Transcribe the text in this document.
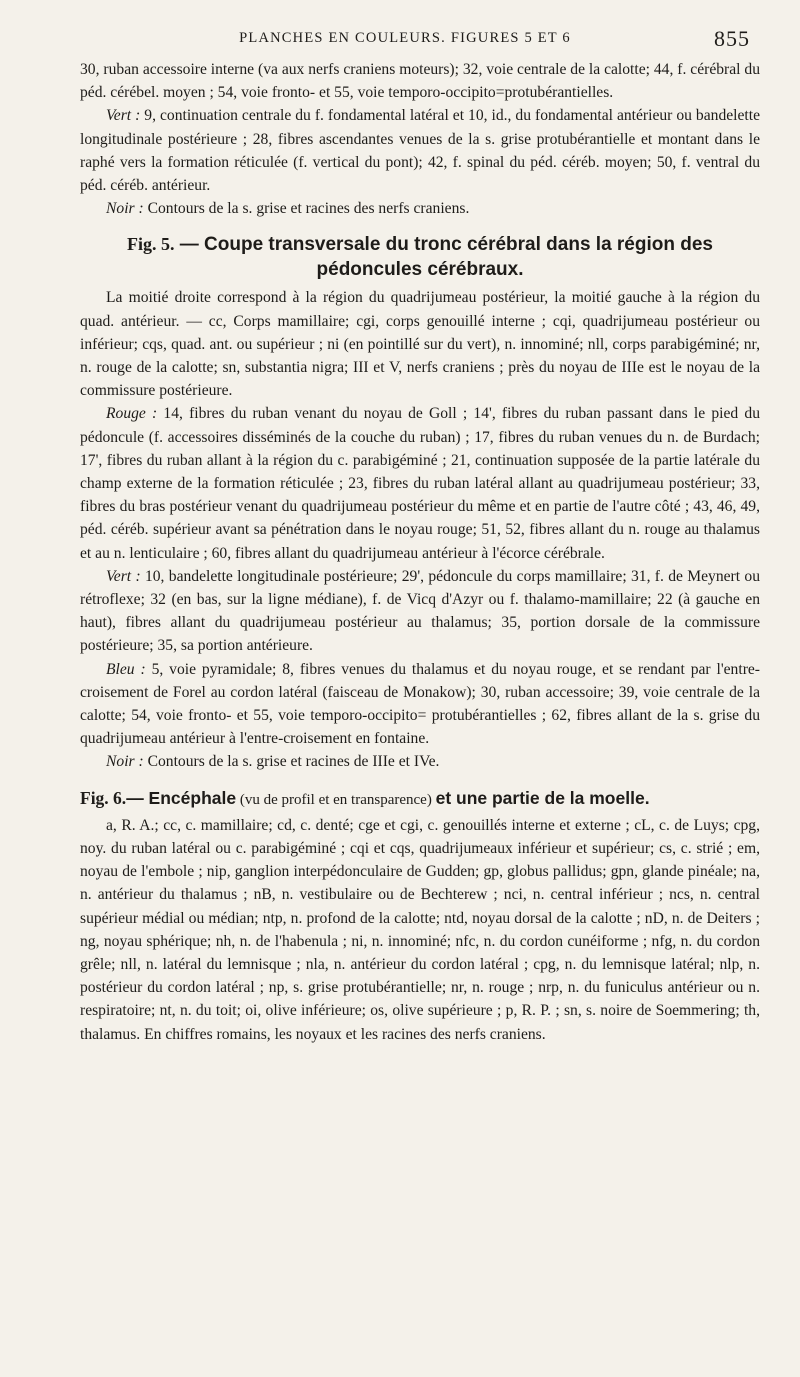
PLANCHES EN COULEURS. FIGURES 5 ET 6	855

30, ruban accessoire interne (va aux nerfs craniens moteurs); 32, voie centrale de la calotte; 44, f. cérébral du péd. cérébel. moyen ; 54, voie fronto- et 55, voie temporo-occipito=protubérantielles.

Vert : 9, continuation centrale du f. fondamental latéral et 10, id., du fondamental antérieur ou bandelette longitudinale postérieure ; 28, fibres ascendantes venues de la s. grise protubérantielle et montant dans le raphé vers la formation réticulée (f. vertical du pont); 42, f. spinal du péd. céréb. moyen; 50, f. ventral du péd. céréb. antérieur.

Noir : Contours de la s. grise et racines des nerfs craniens.

Fig. 5. — Coupe transversale du tronc cérébral dans la région des pédoncules cérébraux.

La moitié droite correspond à la région du quadrijumeau postérieur, la moitié gauche à la région du quad. antérieur. — cc, Corps mamillaire; cgi, corps genouillé interne ; cqi, quadrijumeau postérieur ou inférieur; cqs, quad. ant. ou supérieur ; ni (en pointillé sur du vert), n. innominé; nll, corps parabigéminé; nr, n. rouge de la calotte; sn, substantia nigra; III et V, nerfs craniens ; près du noyau de IIIe est le noyau de la commissure postérieure.

Rouge : 14, fibres du ruban venant du noyau de Goll ; 14', fibres du ruban passant dans le pied du pédoncule (f. accessoires disséminés de la couche du ruban) ; 17, fibres du ruban venues du n. de Burdach; 17', fibres du ruban allant à la région du c. parabigéminé ; 21, continuation supposée de la partie latérale du champ externe de la formation réticulée ; 23, fibres du ruban latéral allant au quadrijumeau postérieur; 33, fibres du bras postérieur venant du quadrijumeau postérieur du même et en partie de l'autre côté ; 43, 46, 49, péd. céréb. supérieur avant sa pénétration dans le noyau rouge; 51, 52, fibres allant du n. rouge au thalamus et au n. lenticulaire ; 60, fibres allant du quadrijumeau antérieur à l'écorce cérébrale.

Vert : 10, bandelette longitudinale postérieure; 29', pédoncule du corps mamillaire; 31, f. de Meynert ou rétroflexe; 32 (en bas, sur la ligne médiane), f. de Vicq d'Azyr ou f. thalamo-mamillaire; 22 (à gauche en haut), fibres allant du quadrijumeau postérieur au thalamus; 35, portion dorsale de la commissure postérieure; 35, sa portion antérieure.

Bleu : 5, voie pyramidale; 8, fibres venues du thalamus et du noyau rouge, et se rendant par l'entre-croisement de Forel au cordon latéral (faisceau de Monakow); 30, ruban accessoire; 39, voie centrale de la calotte; 54, voie fronto- et 55, voie temporo-occipito= protubérantielles ; 62, fibres allant de la s. grise du quadrijumeau antérieur à l'entre-croisement en fontaine.

Noir : Contours de la s. grise et racines de IIIe et IVe.

Fig. 6.— Encéphale (vu de profil et en transparence) et une partie de la moelle.

a, R. A.; cc, c. mamillaire; cd, c. denté; cge et cgi, c. genouillés interne et externe ; cL, c. de Luys; cpg, noy. du ruban latéral ou c. parabigéminé ; cqi et cqs, quadrijumeaux inférieur et supérieur; cs, c. strié ; em, noyau de l'embole ; nip, ganglion interpédonculaire de Gudden; gp, globus pallidus; gpn, glande pinéale; na, n. antérieur du thalamus ; nB, n. vestibulaire ou de Bechterew ; nci, n. central inférieur ; ncs, n. central supérieur médial ou médian; ntp, n. profond de la calotte; ntd, noyau dorsal de la calotte ; nD, n. de Deiters ; ng, noyau sphérique; nh, n. de l'habenula ; ni, n. innominé; nfc, n. du cordon cunéiforme ; nfg, n. du cordon grêle; nll, n. latéral du lemnisque ; nla, n. antérieur du cordon latéral ; cpg, n. du lemnisque latéral; nlp, n. postérieur du cordon latéral ; np, s. grise protubérantielle; nr, n. rouge ; nrp, n. du funiculus antérieur ou n. respiratoire; nt, n. du toit; oi, olive inférieure; os, olive supérieure ; p, R. P. ; sn, s. noire de Soemmering; th, thalamus. En chiffres romains, les noyaux et les racines des nerfs craniens.
